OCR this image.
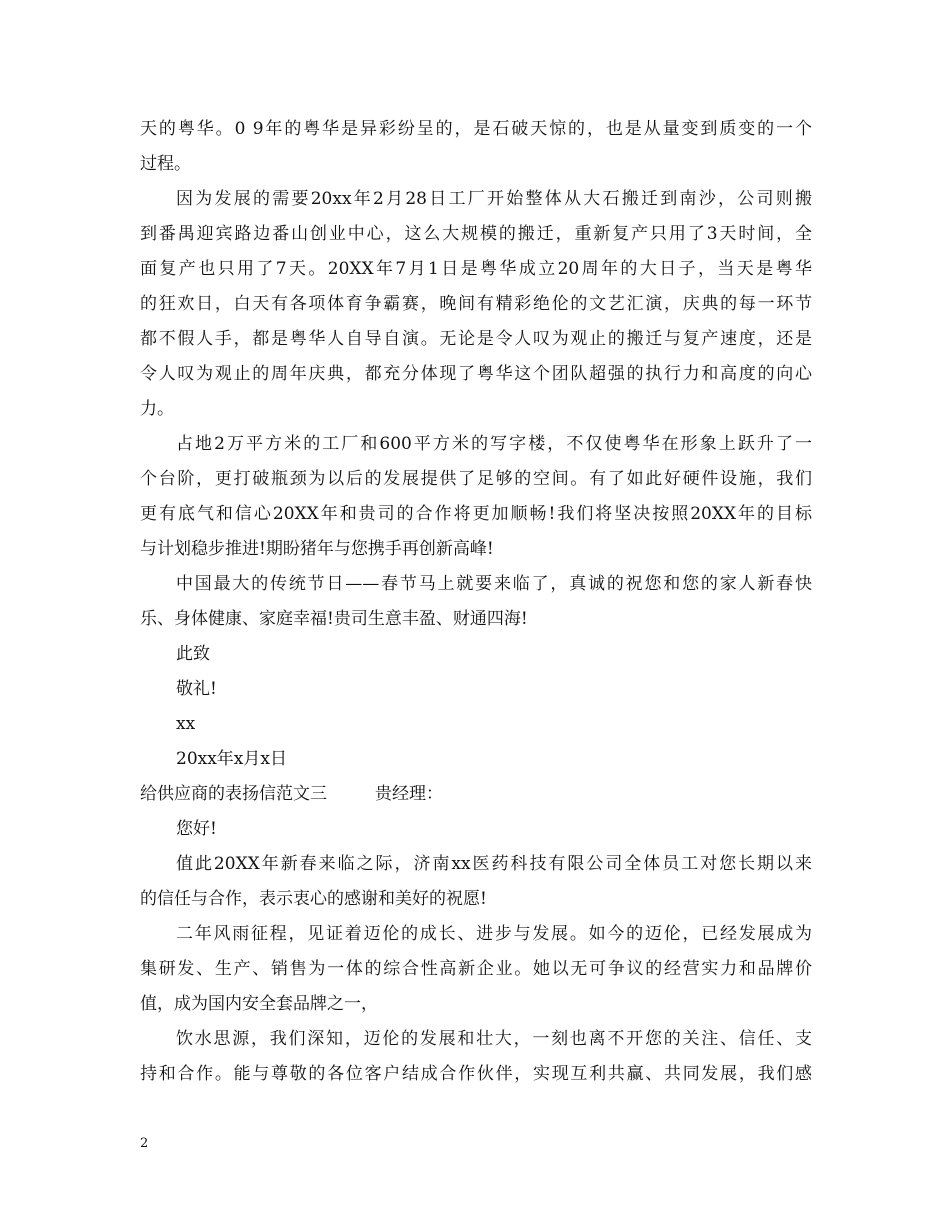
天的粤华。0 9年的粤华是异彩纷呈的，是石破天惊的，也是从量变到质变的一个
过程。
因为发展的需要20xx年2月28日工厂开始整体从大石搬迁到南沙，公司则搬
到番禺迎宾路边番山创业中心，这么大规模的搬迁，重新复产只用了3天时间，全
面复产也只用了7天。20XX年7月1日是粤华成立20周年的大日子，当天是粤华
的狂欢日，白天有各项体育争霸赛，晚间有精彩绝伦的文艺汇演，庆典的每一环节
都不假人手，都是粤华人自导自演。无论是令人叹为观止的搬迁与复产速度，还是
令人叹为观止的周年庆典，都充分体现了粤华这个团队超强的执行力和高度的向心
力。
占地2万平方米的工厂和600平方米的写字楼，不仅使粤华在形象上跃升了一
个台阶，更打破瓶颈为以后的发展提供了足够的空间。有了如此好硬件设施，我们
更有底气和信心20XX年和贵司的合作将更加顺畅!我们将坚决按照20XX年的目标
与计划稳步推进!期盼猪年与您携手再创新高峰!
中国最大的传统节日——春节马上就要来临了，真诚的祝您和您的家人新春快
乐、身体健康、家庭幸福!贵司生意丰盈、财通四海!
此致
敬礼!
xx
20xx年x月x日
给供应商的表扬信范文三	贵经理：
您好!
值此20XX年新春来临之际，济南xx医药科技有限公司全体员工对您长期以来
的信任与合作，表示衷心的感谢和美好的祝愿!
二年风雨征程，见证着迈伦的成长、进步与发展。如今的迈伦，已经发展成为
集研发、生产、销售为一体的综合性高新企业。她以无可争议的经营实力和品牌价
值，成为国内安全套品牌之一，
饮水思源，我们深知，迈伦的发展和壮大，一刻也离不开您的关注、信任、支
持和合作。能与尊敬的各位客户结成合作伙伴，实现互利共赢、共同发展，我们感
2
